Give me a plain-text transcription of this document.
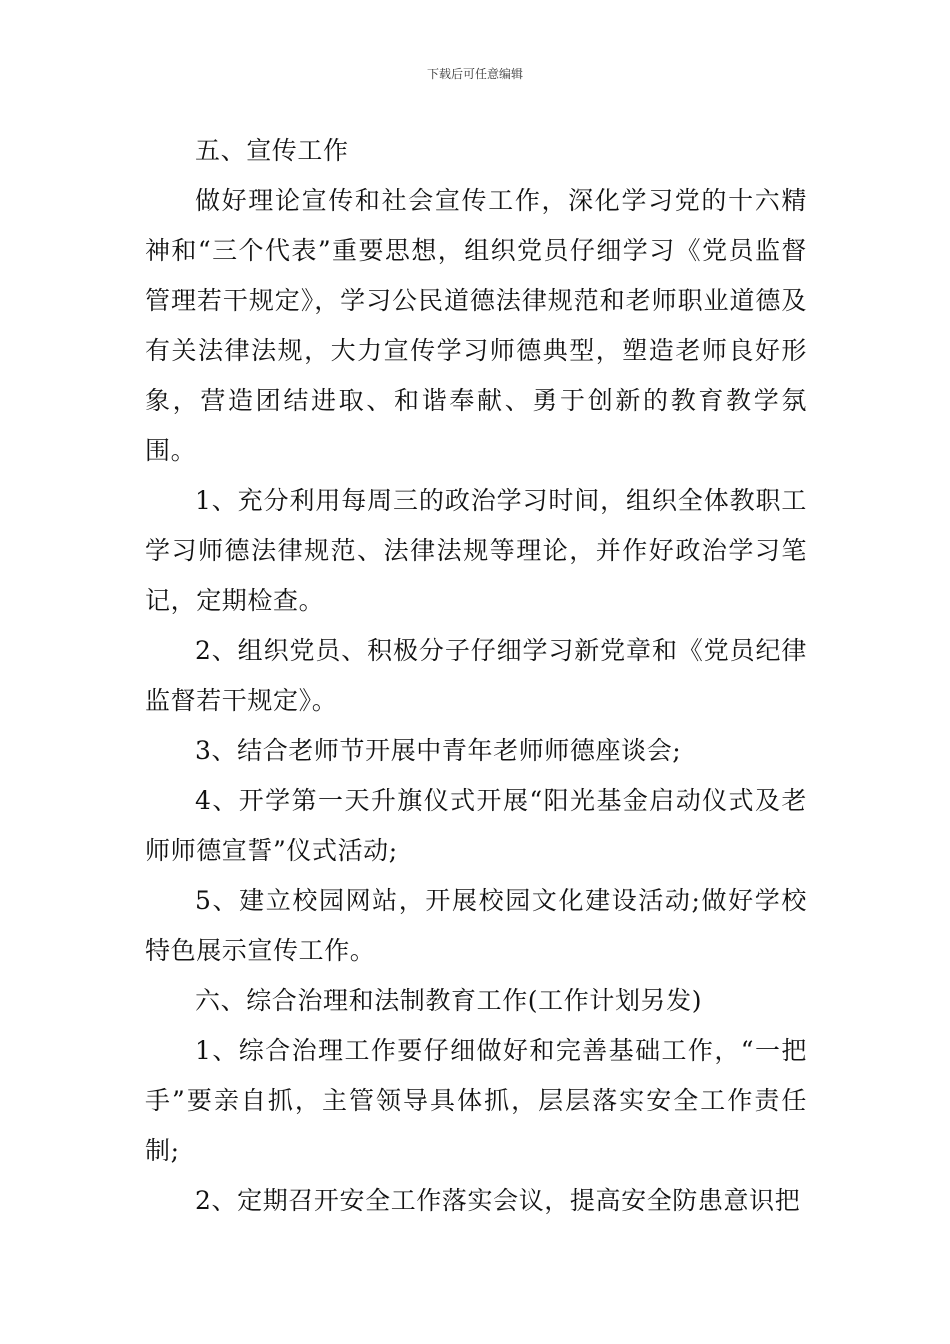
下载后可任意编辑

五、宣传工作

做好理论宣传和社会宣传工作，深化学习党的十六精神和“三个代表”重要思想，组织党员仔细学习《党员监督管理若干规定》，学习公民道德法律规范和老师职业道德及有关法律法规，大力宣传学习师德典型，塑造老师良好形象，营造团结进取、和谐奉献、勇于创新的教育教学氛围。

1、充分利用每周三的政治学习时间，组织全体教职工学习师德法律规范、法律法规等理论，并作好政治学习笔记，定期检查。

2、组织党员、积极分子仔细学习新党章和《党员纪律监督若干规定》。

3、结合老师节开展中青年老师师德座谈会;

4、开学第一天升旗仪式开展“阳光基金启动仪式及老师师德宣誓”仪式活动;

5、建立校园网站，开展校园文化建设活动;做好学校特色展示宣传工作。

六、综合治理和法制教育工作(工作计划另发)

1、综合治理工作要仔细做好和完善基础工作，“一把手”要亲自抓，主管领导具体抓，层层落实安全工作责任制;

2、定期召开安全工作落实会议，提高安全防患意识把
